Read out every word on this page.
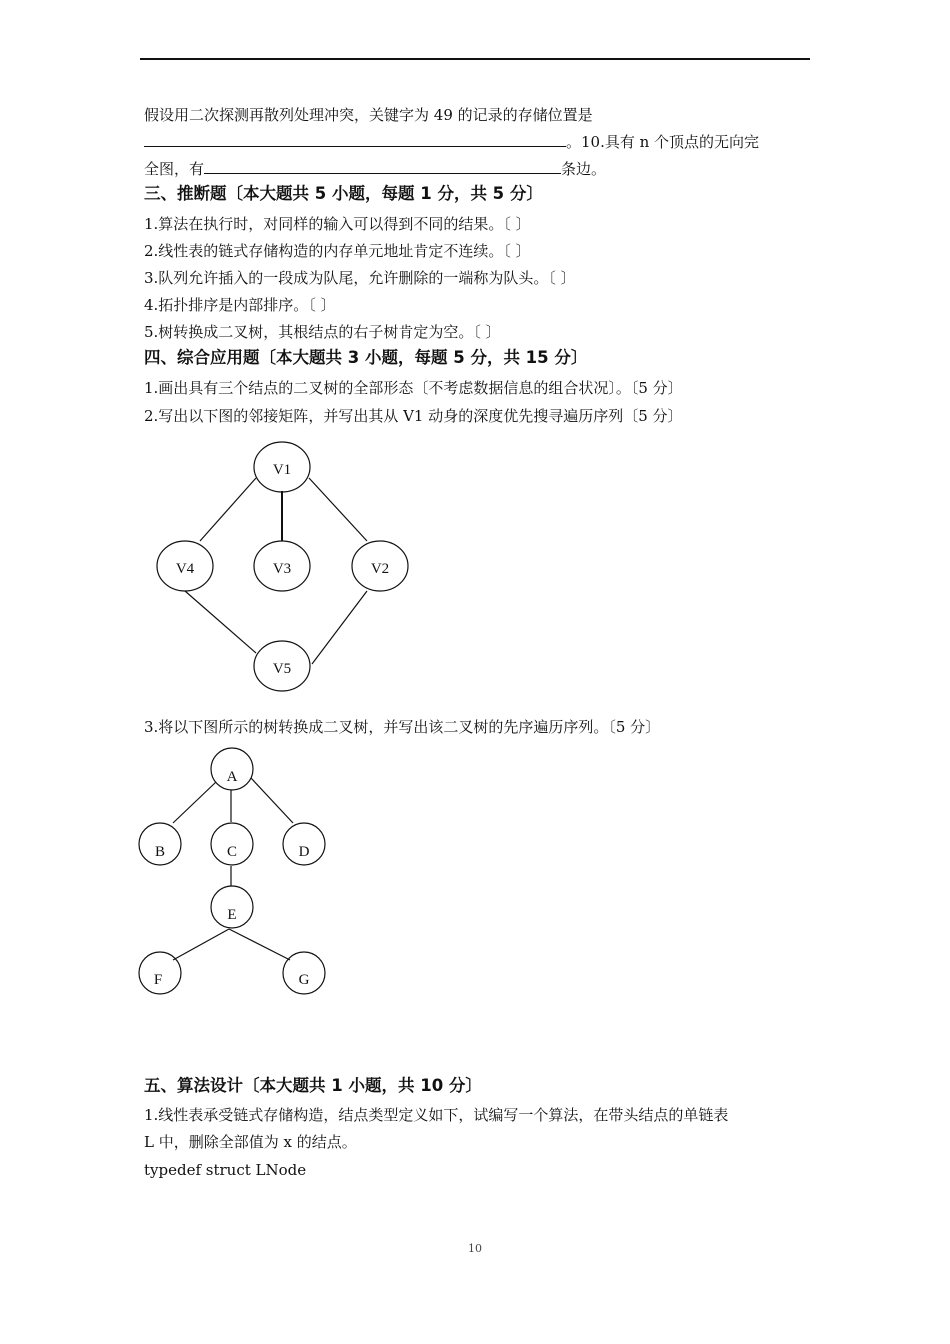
假设用二次探测再散列处理冲突，关键字为 49 的记录的存储位置是
。10.具有 n 个顶点的无向完
全图，有	条边。
三、推断题〔本大题共 5 小题，每题 1 分，共 5 分〕
1.算法在执行时，对同样的输入可以得到不同的结果。〔 〕
2.线性表的链式存储构造的内存单元地址肯定不连续。〔 〕
3.队列允许插入的一段成为队尾，允许删除的一端称为队头。〔 〕
4.拓扑排序是内部排序。〔 〕
5.树转换成二叉树，其根结点的右子树肯定为空。〔 〕
四、综合应用题〔本大题共 3 小题，每题 5 分，共 15 分〕
1.画出具有三个结点的二叉树的全部形态〔不考虑数据信息的组合状况〕。〔5 分〕
2.写出以下图的邻接矩阵，并写出其从 V1 动身的深度优先搜寻遍历序列〔5 分〕
V1
V4	V3	V2
V5
A
B	C	D
E
F	G
3.将以下图所示的树转换成二叉树，并写出该二叉树的先序遍历序列。〔5 分〕
五、算法设计〔本大题共 1 小题，共 10 分〕
1.线性表承受链式存储构造，结点类型定义如下，试编写一个算法，在带头结点的单链表
L 中，删除全部值为 x 的结点。
typedef struct LNode
10
